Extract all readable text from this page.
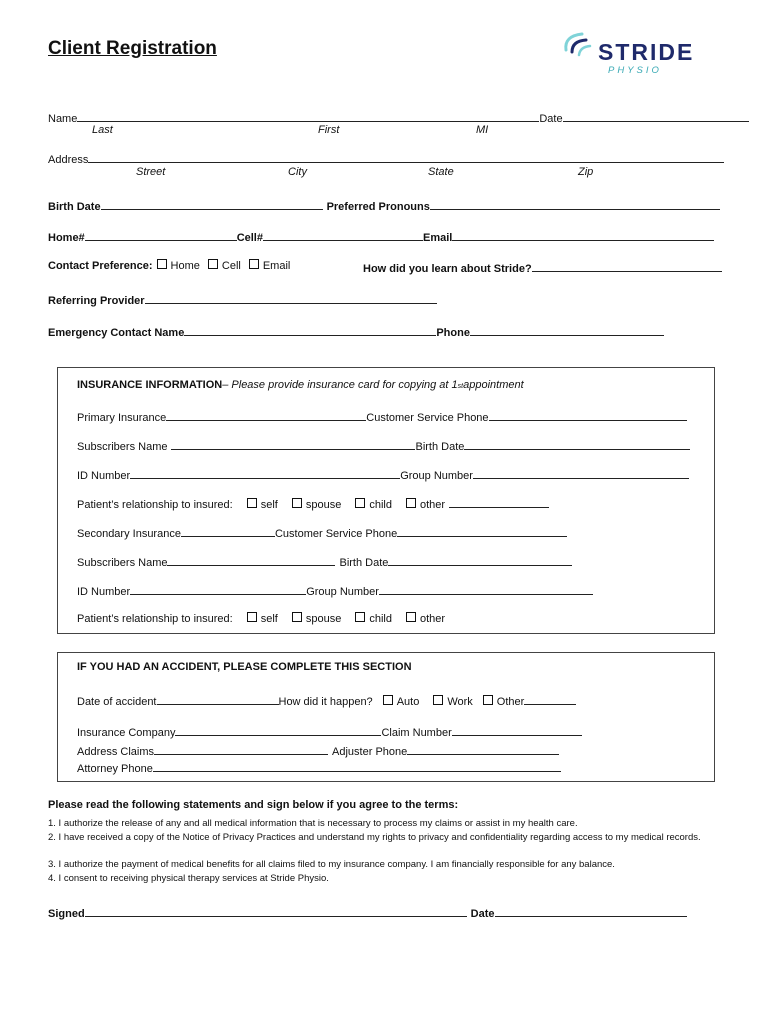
Client Registration	STRIDE
PHYSIO
Name	Date
Last	First	MI
Address
Street	City	State	Zip
Birth Date	Preferred Pronouns
Home#	Cell#	Email
Contact Preference: Home Cell Email	How did you learn about Stride?
Referring Provider
Emergency Contact Name	Phone
INSURANCE INFORMATION – Please provide insurance card for copying at 1 st appointment
Primary Insurance	Customer Service Phone
Subscribers Name	Birth Date
ID Number	Group Number
Patient’s relationship to insured:	self	spouse	child	other
Secondary Insurance	Customer Service Phone
Subscribers Name	Birth Date
ID Number	Group Number
Patient’s relationship to insured:	self	spouse	child	other
IF YOU HAD AN ACCIDENT, PLEASE COMPLETE THIS SECTION
Date of accident	How did it happen? Auto	Work Other
Insurance Company	Claim Number
Address Claims	Adjuster Phone
Attorney Phone
Please read the following statements and sign below if you agree to the terms:
1. I authorize the release of any and all medical information that is necessary to process my claims or assist in my health care.
2. I have received a copy of the Notice of Privacy Practices and understand my rights to privacy and confidentiality regarding access to my medical records.
3. I authorize the payment of medical benefits for all claims filed to my insurance company. I am financially responsible for any balance.
4. I consent to receiving physical therapy services at Stride Physio.
Signed	Date
